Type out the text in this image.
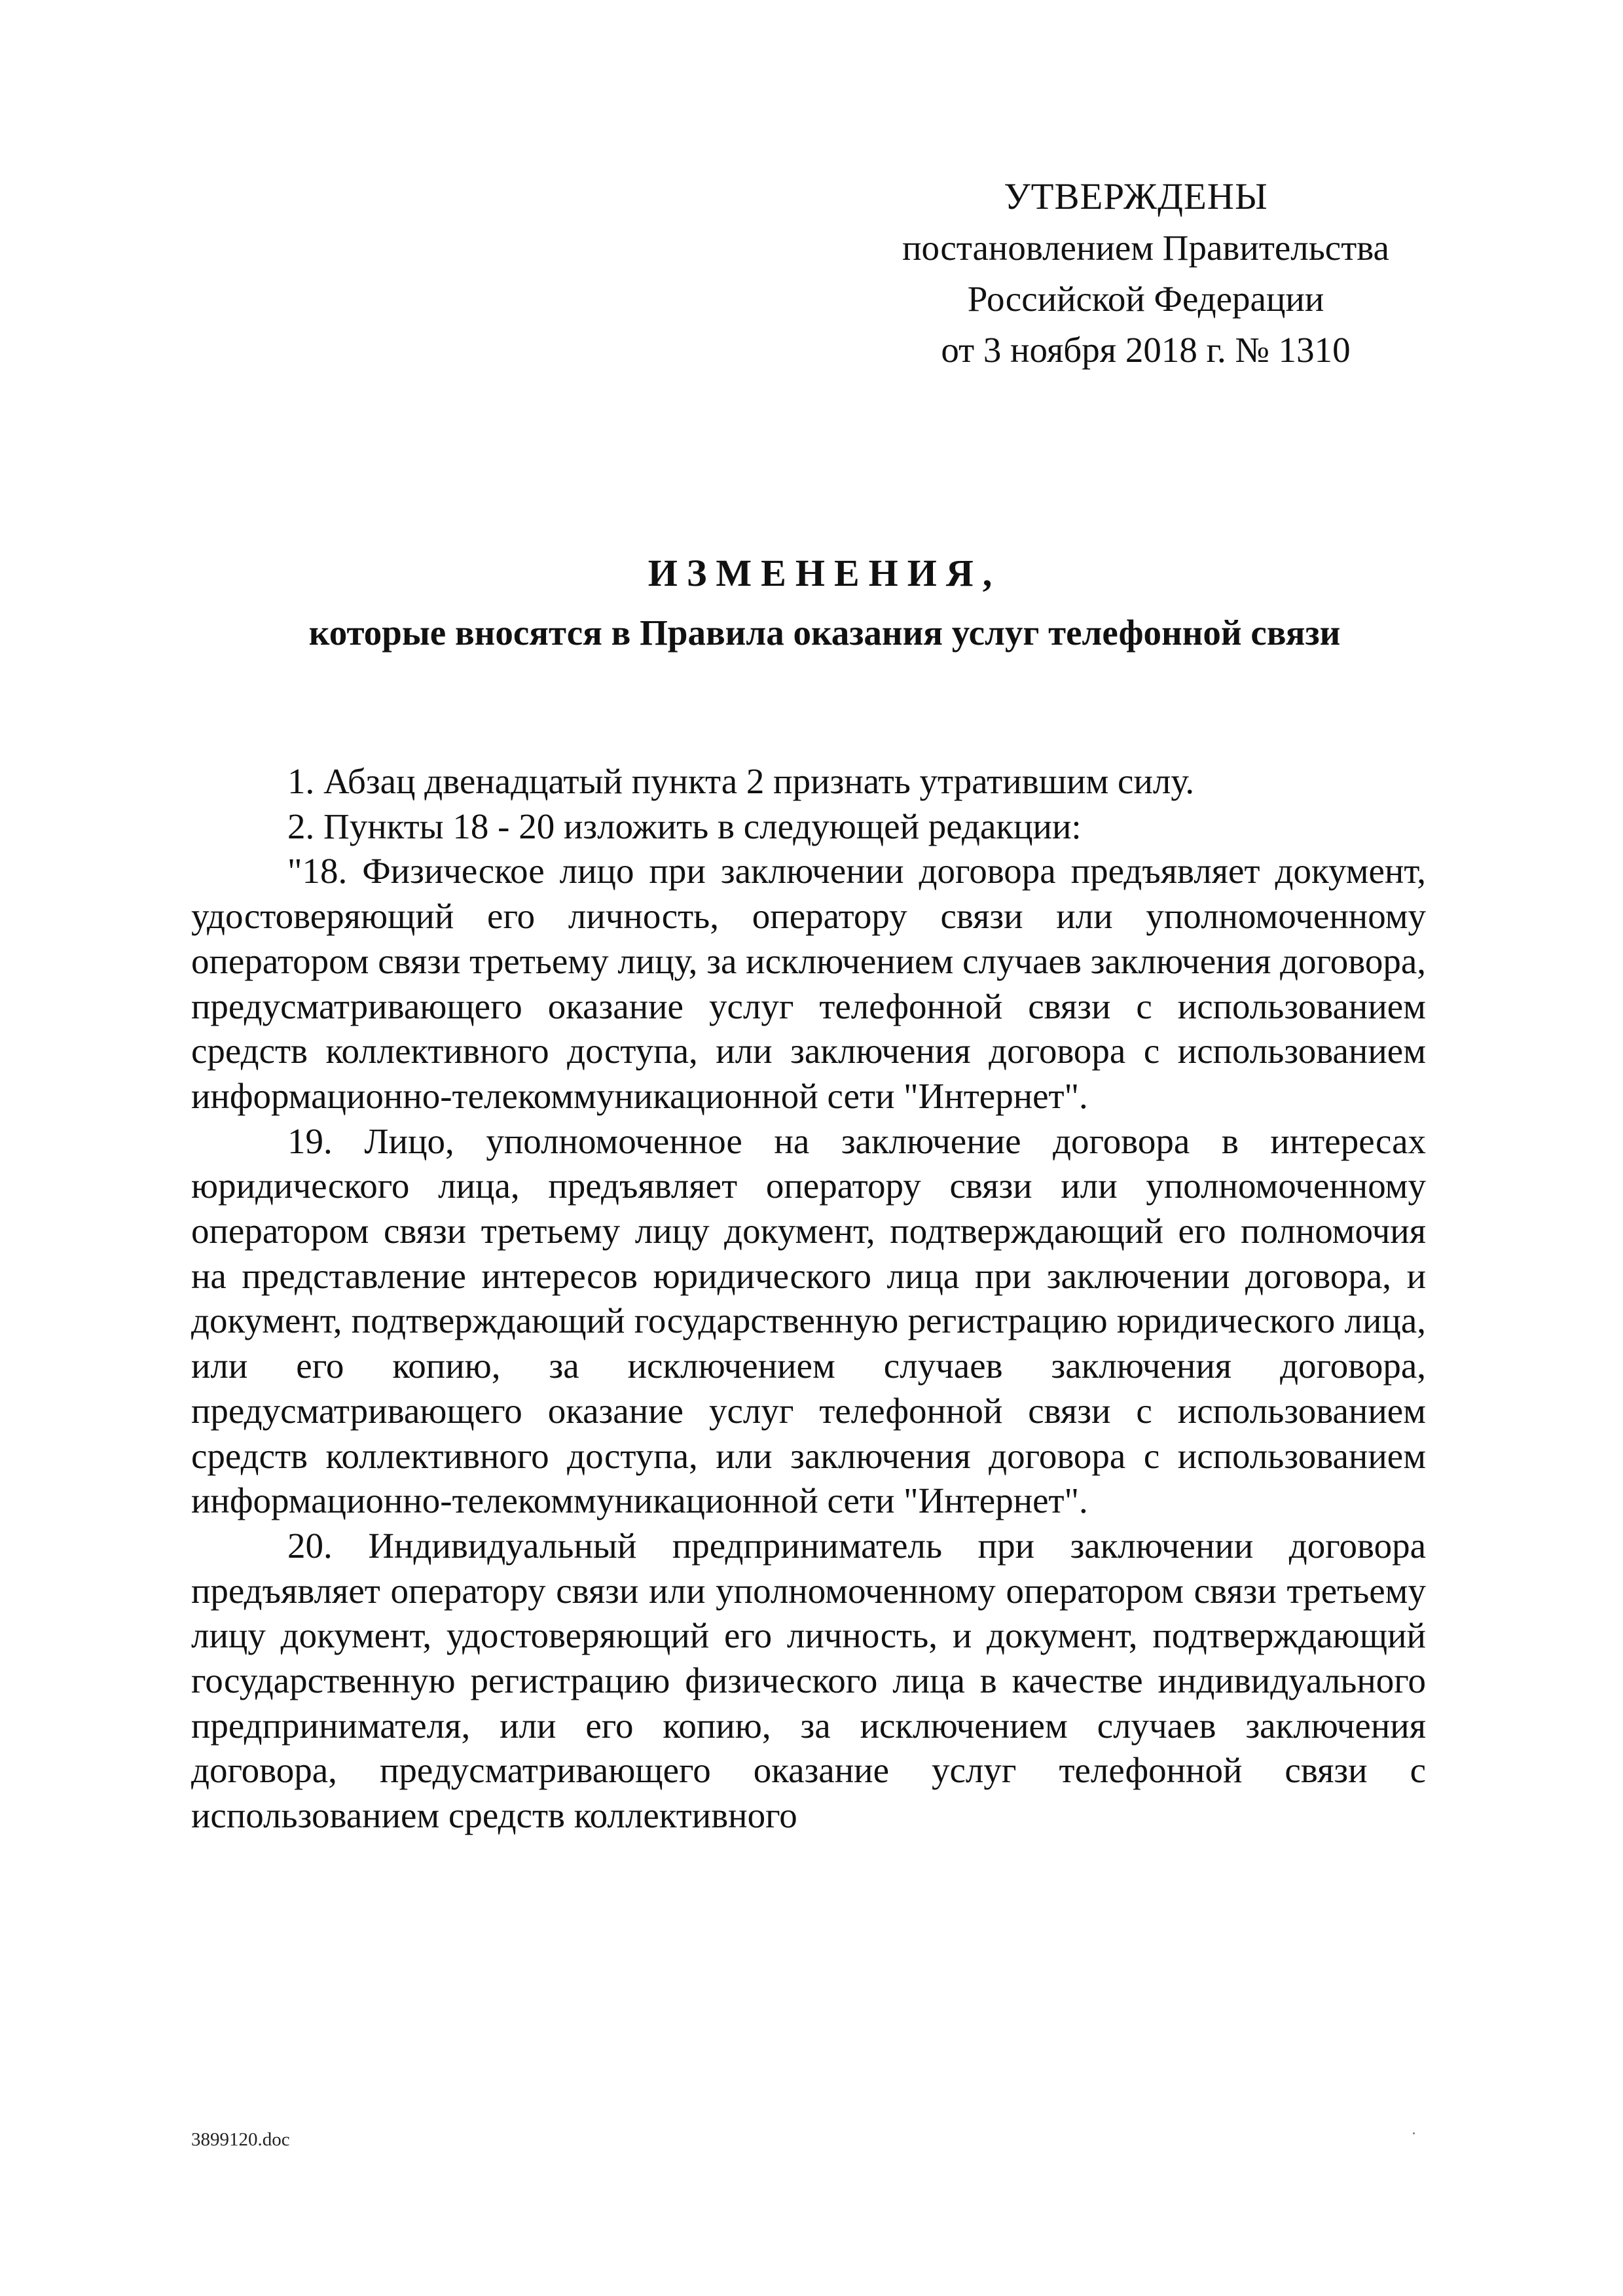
УТВЕРЖДЕНЫ
постановлением Правительства
Российской Федерации
от 3 ноября 2018 г. № 1310
ИЗМЕНЕНИЯ,
которые вносятся в Правила оказания услуг телефонной связи

1. Абзац двенадцатый пункта 2 признать утратившим силу.

2. Пункты 18 - 20 изложить в следующей редакции:

"18. Физическое лицо при заключении договора предъявляет документ, удостоверяющий его личность, оператору связи или уполномоченному оператором связи третьему лицу, за исключением случаев заключения договора, предусматривающего оказание услуг телефонной связи с использованием средств коллективного доступа, или заключения договора с использованием информационно-телекоммуникационной сети "Интернет".

19. Лицо, уполномоченное на заключение договора в интересах юридического лица, предъявляет оператору связи или уполномоченному оператором связи третьему лицу документ, подтверждающий его полномочия на представление интересов юридического лица при заключении договора, и документ, подтверждающий государственную регистрацию юридического лица, или его копию, за исключением случаев заключения договора, предусматривающего оказание услуг телефонной связи с использованием средств коллективного доступа, или заключения договора с использованием информационно-телекоммуникационной сети "Интернет".

20. Индивидуальный предприниматель при заключении договора предъявляет оператору связи или уполномоченному оператором связи третьему лицу документ, удостоверяющий его личность, и документ, подтверждающий государственную регистрацию физического лица в качестве индивидуального предпринимателя, или его копию, за исключением случаев заключения договора, предусматривающего оказание услуг телефонной связи с использованием средств коллективного

3899120.doc
